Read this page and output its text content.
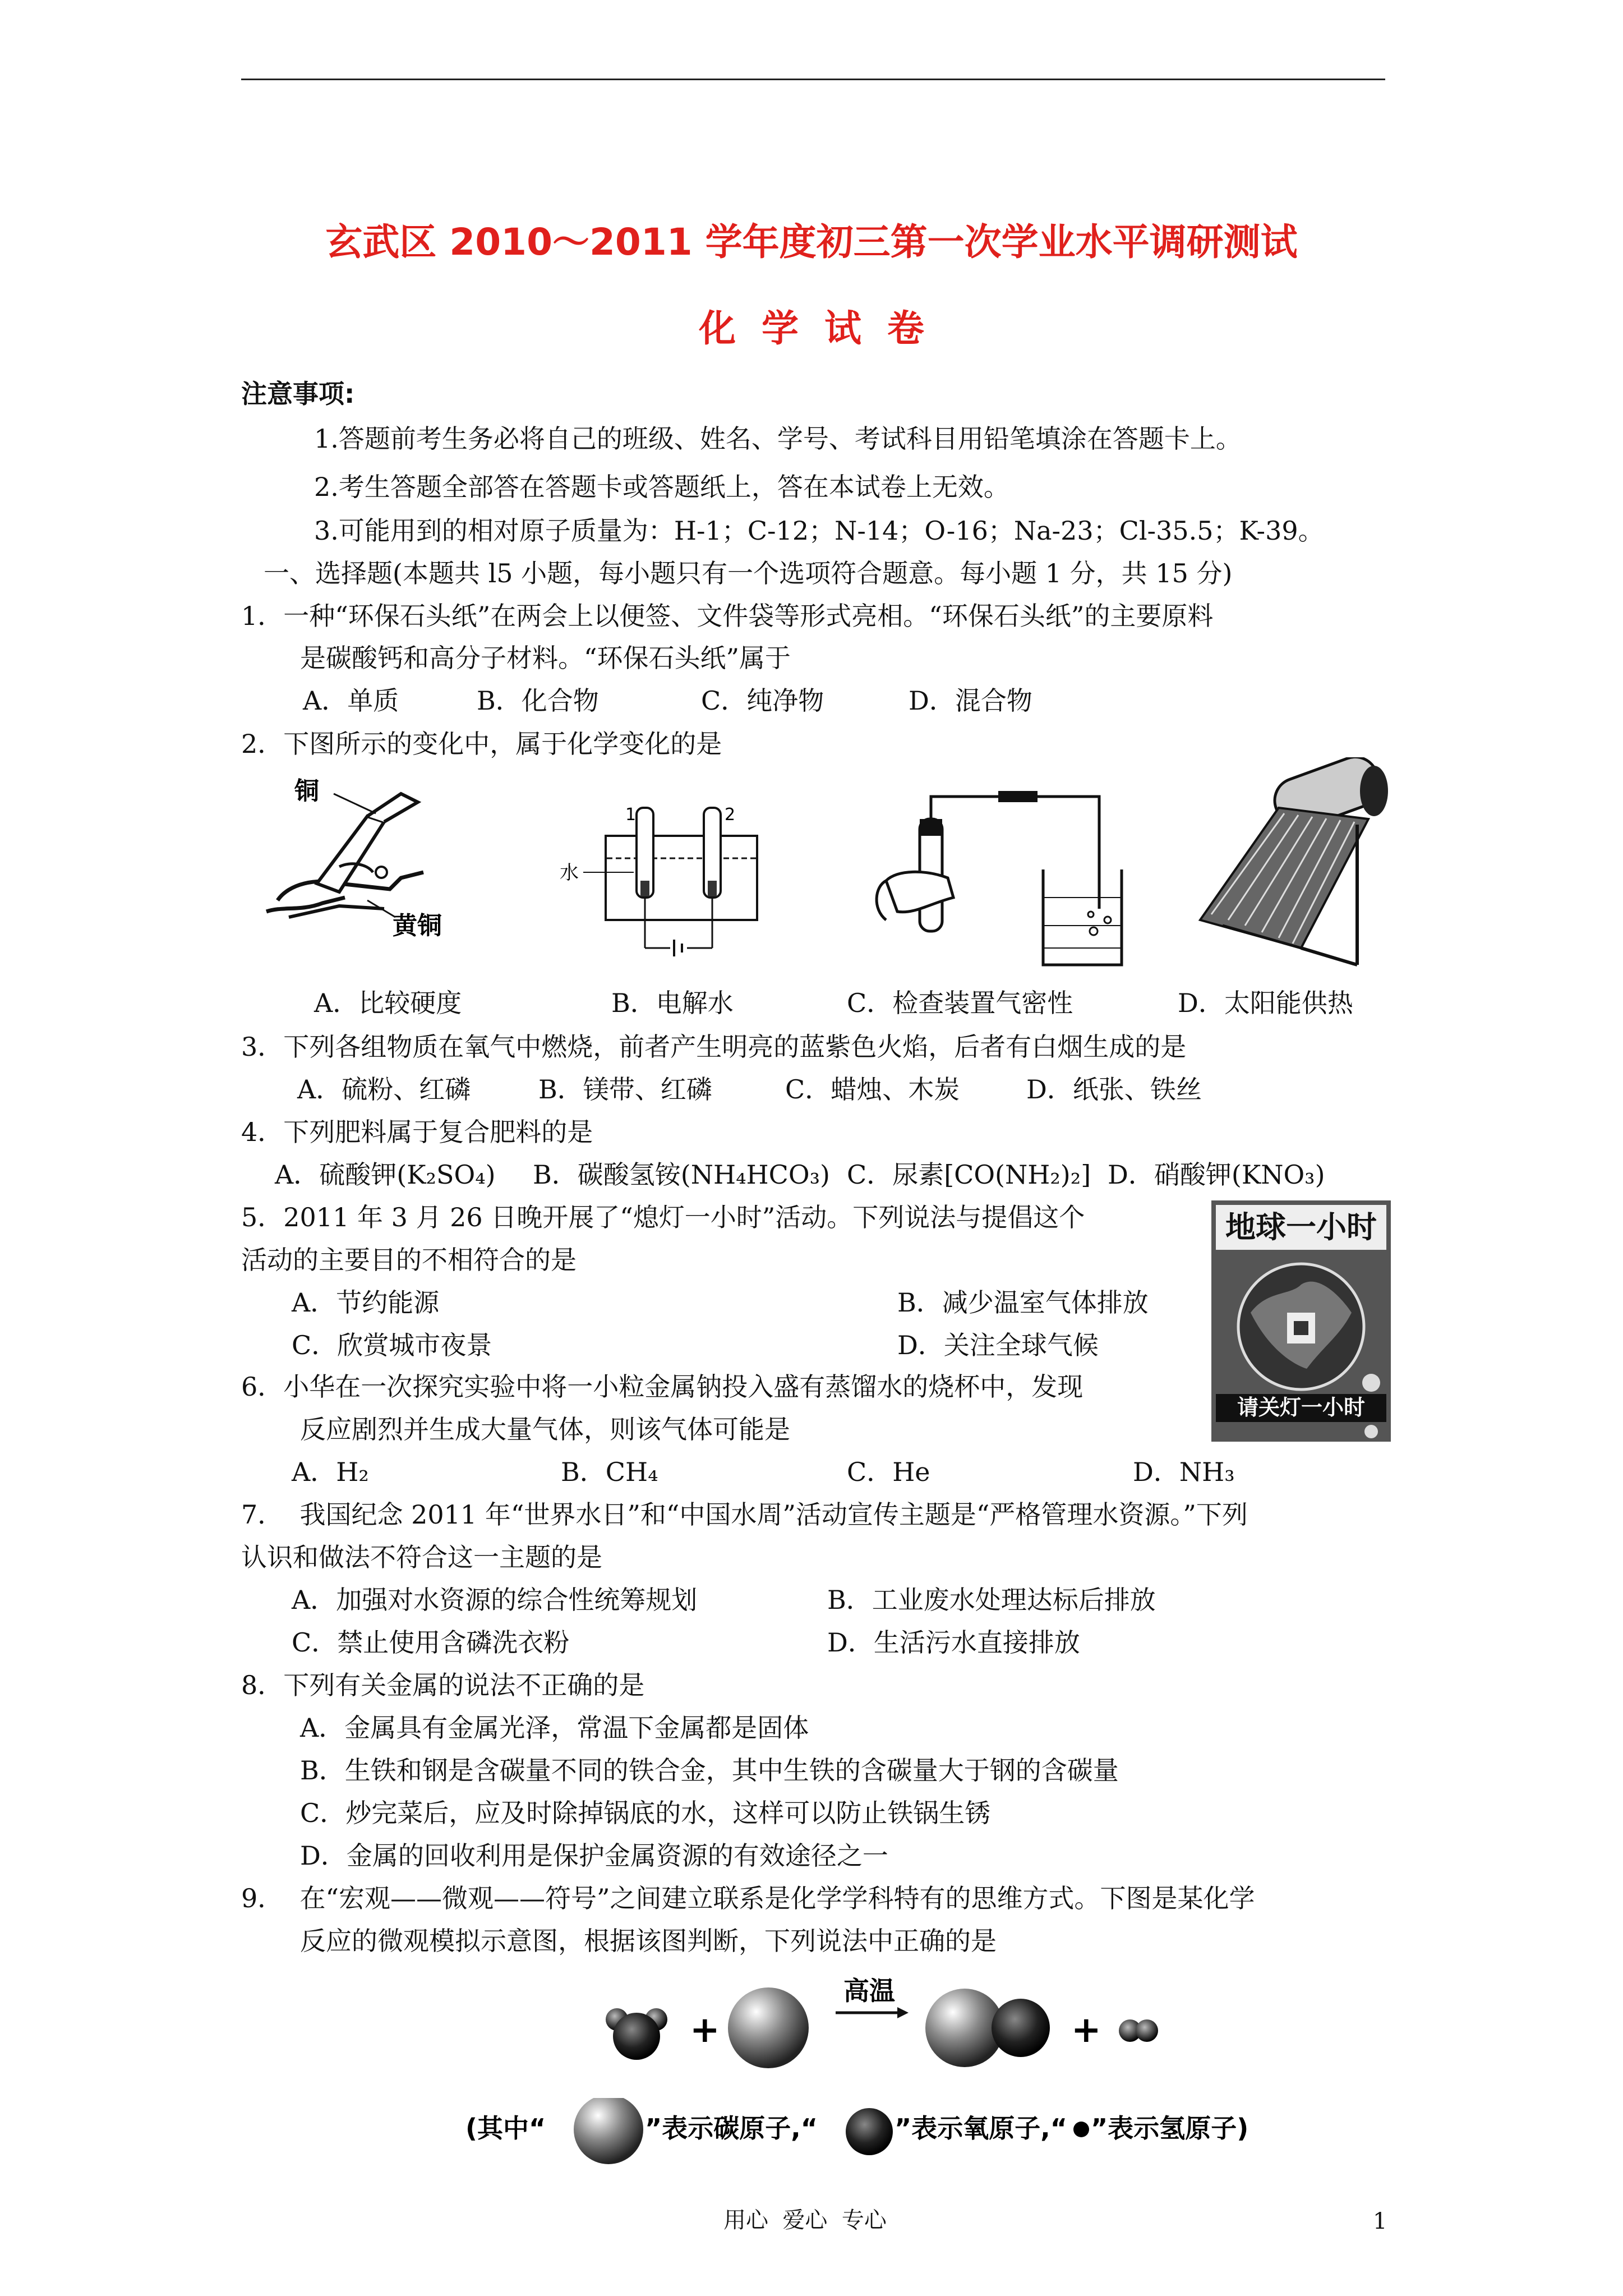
玄武区 2010～2011 学年度初三第一次学业水平调研测试
化  学  试  卷
注意事项:
1.答题前考生务必将自己的班级、姓名、学号、考试科目用铅笔填涂在答题卡上。
2.考生答题全部答在答题卡或答题纸上，答在本试卷上无效。
3.可能用到的相对原子质量为：H-1；C-12；N-14；O-16；Na-23；Cl-35.5；K-39。
一、选择题(本题共 l5 小题，每小题只有一个选项符合题意。每小题 1 分，共 15 分)
1．一种“环保石头纸”在两会上以便签、文件袋等形式亮相。“环保石头纸”的主要原料
是碳酸钙和高分子材料。“环保石头纸”属于
A．单质	B．化合物	C．纯净物	D．混合物
2．下图所示的变化中，属于化学变化的是
铜
黄铜
水
1	2
A．比较硬度	B．电解水	C．检查装置气密性	D．太阳能供热
3．下列各组物质在氧气中燃烧，前者产生明亮的蓝紫色火焰，后者有白烟生成的是
A．硫粉、红磷	B．镁带、红磷	C．蜡烛、木炭	D．纸张、铁丝
4．下列肥料属于复合肥料的是
A．硫酸钾(K₂SO₄) B．碳酸氢铵(NH₄HCO₃) C．尿素[CO(NH₂)₂] D．硝酸钾(KNO₃)
5．2011 年 3 月 26 日晚开展了“熄灯一小时”活动。下列说法与提倡这个
活动的主要目的不相符合的是
A．节约能源	B．减少温室气体排放
C．欣赏城市夜景	D．关注全球气候
地球一小时
请关灯一小时
6．小华在一次探究实验中将一小粒金属钠投入盛有蒸馏水的烧杯中，发现
反应剧烈并生成大量气体，则该气体可能是
A．H₂	B．CH₄	C．He	D．NH₃
7．  我国纪念 2011 年“世界水日”和“中国水周”活动宣传主题是“严格管理水资源。”下列
认识和做法不符合这一主题的是
A．加强对水资源的综合性统筹规划	B．工业废水处理达标后排放
C．禁止使用含磷洗衣粉	D．生活污水直接排放
8．下列有关金属的说法不正确的是
A．金属具有金属光泽，常温下金属都是固体
B．生铁和钢是含碳量不同的铁合金，其中生铁的含碳量大于钢的含碳量
C．炒完菜后，应及时除掉锅底的水，这样可以防止铁锅生锈
D．金属的回收利用是保护金属资源的有效途径之一
9．  在“宏观——微观——符号”之间建立联系是化学学科特有的思维方式。下图是某化学
反应的微观模拟示意图，根据该图判断，下列说法中正确的是
+
高温
+
(其中“	”表示碳原子,“	”表示氧原子,“ ”表示氢原子)
用心  爱心  专心	1
